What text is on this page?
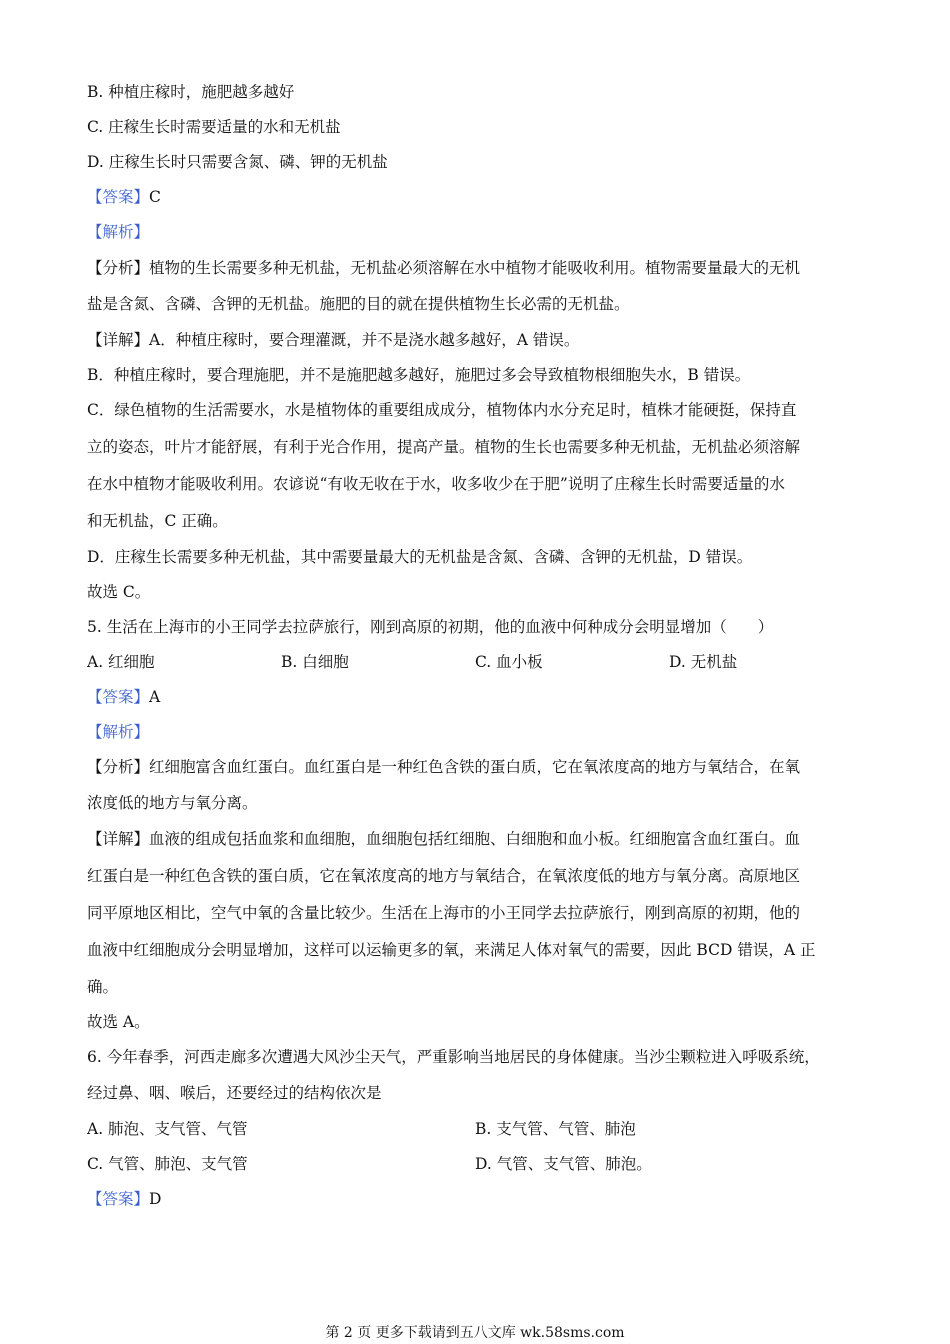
B. 种植庄稼时，施肥越多越好
C. 庄稼生长时需要适量的水和无机盐
D. 庄稼生长时只需要含氮、磷、钾的无机盐
【答案】C
【解析】
【分析】植物的生长需要多种无机盐，无机盐必须溶解在水中植物才能吸收利用。植物需要量最大的无机
盐是含氮、含磷、含钾的无机盐。施肥的目的就在提供植物生长必需的无机盐。
【详解】A．种植庄稼时，要合理灌溉，并不是浇水越多越好，A 错误。
B．种植庄稼时，要合理施肥，并不是施肥越多越好，施肥过多会导致植物根细胞失水，B 错误。
C．绿色植物的生活需要水，水是植物体的重要组成成分，植物体内水分充足时，植株才能硬挺，保持直
立的姿态，叶片才能舒展，有利于光合作用，提高产量。植物的生长也需要多种无机盐，无机盐必须溶解
在水中植物才能吸收利用。农谚说“有收无收在于水，收多收少在于肥”说明了庄稼生长时需要适量的水
和无机盐，C 正确。
D．庄稼生长需要多种无机盐，其中需要量最大的无机盐是含氮、含磷、含钾的无机盐，D 错误。
故选 C。
5. 生活在上海市的小王同学去拉萨旅行，刚到高原的初期，他的血液中何种成分会明显增加（　　）
A. 红细胞	B. 白细胞	C. 血小板	D. 无机盐
【答案】A
【解析】
【分析】红细胞富含血红蛋白。血红蛋白是一种红色含铁的蛋白质，它在氧浓度高的地方与氧结合，在氧
浓度低的地方与氧分离。
【详解】血液的组成包括血浆和血细胞，血细胞包括红细胞、白细胞和血小板。红细胞富含血红蛋白。血
红蛋白是一种红色含铁的蛋白质，它在氧浓度高的地方与氧结合，在氧浓度低的地方与氧分离。高原地区
同平原地区相比，空气中氧的含量比较少。生活在上海市的小王同学去拉萨旅行，刚到高原的初期，他的
血液中红细胞成分会明显增加，这样可以运输更多的氧，来满足人体对氧气的需要，因此 BCD 错误，A 正
确。
故选 A。
6. 今年春季，河西走廊多次遭遇大风沙尘天气，严重影响当地居民的身体健康。当沙尘颗粒进入呼吸系统，
经过鼻、咽、喉后，还要经过的结构依次是
A. 肺泡、支气管、气管	B. 支气管、气管、肺泡
C. 气管、肺泡、支气管	D. 气管、支气管、肺泡。
【答案】D
第 2 页 更多下载请到五八文库 wk.58sms.com
